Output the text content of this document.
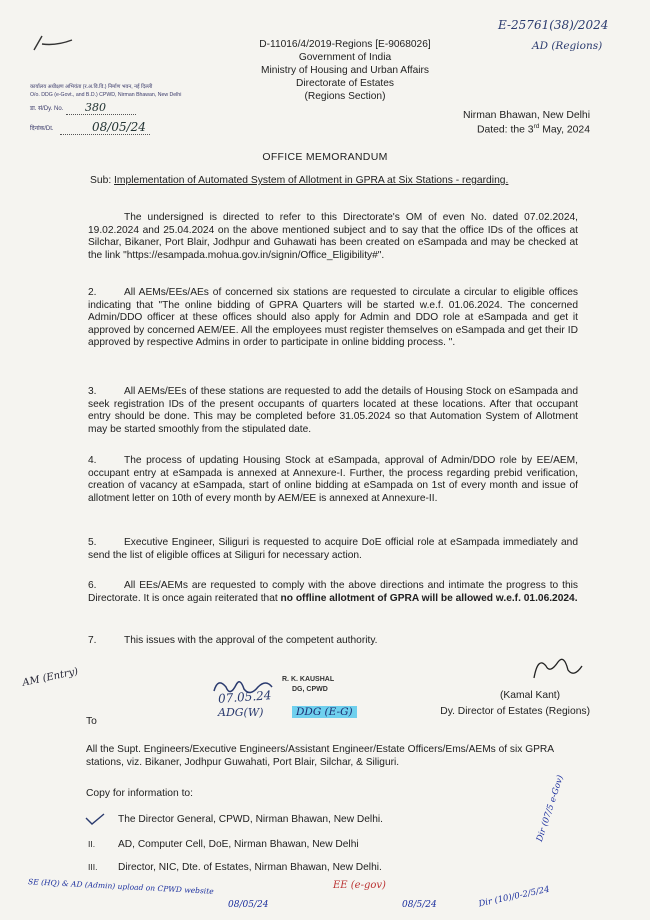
D-11016/4/2019-Regions [E-9068026]
Government of India
Ministry of Housing and Urban Affairs
Directorate of Estates
(Regions Section)
E-25761(38)/2024
AD (Regions)
कार्यालय अधीक्षण अभियंता (र.अ.वि.वि.) निर्माण भवन, नई दिल्ली
O/o. DDG (e-Govt., and B.D.) CPWD, Nirman Bhawan, New Delhi
डा. सं/Dy. No. 380
दिनांक/Dt.	08/05/24
Nirman Bhawan, New Delhi
Dated: the 3rd May, 2024
OFFICE MEMORANDUM
Sub: Implementation of Automated System of Allotment in GPRA at Six Stations - regarding.
The undersigned is directed to refer to this Directorate's OM of even No. dated 07.02.2024, 19.02.2024 and 25.04.2024 on the above mentioned subject and to say that the office IDs of the offices at Silchar, Bikaner, Port Blair, Jodhpur and Guhawati has been created on eSampada and may be checked at the link "https://esampada.mohua.gov.in/signin/Office_Eligibility#".
2.	All AEMs/EEs/AEs of concerned six stations are requested to circulate a circular to eligible offices indicating that "The online bidding of GPRA Quarters will be started w.e.f. 01.06.2024. The concerned Admin/DDO officer at these offices should also apply for Admin and DDO role at eSampada and get it approved by concerned AEM/EE. All the employees must register themselves on eSampada and get their ID approved by respective Admins in order to participate in online bidding process. ".
3.	All AEMs/EEs of these stations are requested to add the details of Housing Stock on eSampada and seek registration IDs of the present occupants of quarters located at these locations. After that occupant entry should be done. This may be completed before 31.05.2024 so that Automation System of Allotment may be started smoothly from the stipulated date.
4.	The process of updating Housing Stock at eSampada, approval of Admin/DDO role by EE/AEM, occupant entry at eSampada is annexed at Annexure-I. Further, the process regarding prebid verification, creation of vacancy at eSampada, start of online bidding at eSampada on 1st of every month and issue of allotment letter on 10th of every month by AEM/EE is annexed at Annexure-II.
5.	Executive Engineer, Siliguri is requested to acquire DoE official role at eSampada immediately and send the list of eligible offices at Siliguri for necessary action.
6.	All EEs/AEMs are requested to comply with the above directions and intimate the progress to this Directorate. It is once again reiterated that no offline allotment of GPRA will be allowed w.e.f. 01.06.2024.
7.	This issues with the approval of the competent authority.
AM (Entry)
(Kamal Kant)
Dy. Director of Estates (Regions)
R. K. KAUSHAL
DG, CPWD
07.05.24
ADG(W)	DDG (E-G)
To
All the Supt. Engineers/Executive Engineers/Assistant Engineer/Estate Officers/Ems/AEMs of six GPRA stations, viz. Bikaner, Jodhpur Guwahati, Port Blair, Silchar, & Siliguri.
Copy for information to:
The Director General, CPWD, Nirman Bhawan, New Delhi.
II. AD, Computer Cell, DoE, Nirman Bhawan, New Delhi
III. Director, NIC, Dte. of Estates, Nirman Bhawan, New Delhi.
SE (HQ) & AD (Admin) upload on CPWD website
08/05/24
EE (e-gov)
08/5/24
Dir (07/5 e-Gov)
Dir (10)/0-2/5/24
